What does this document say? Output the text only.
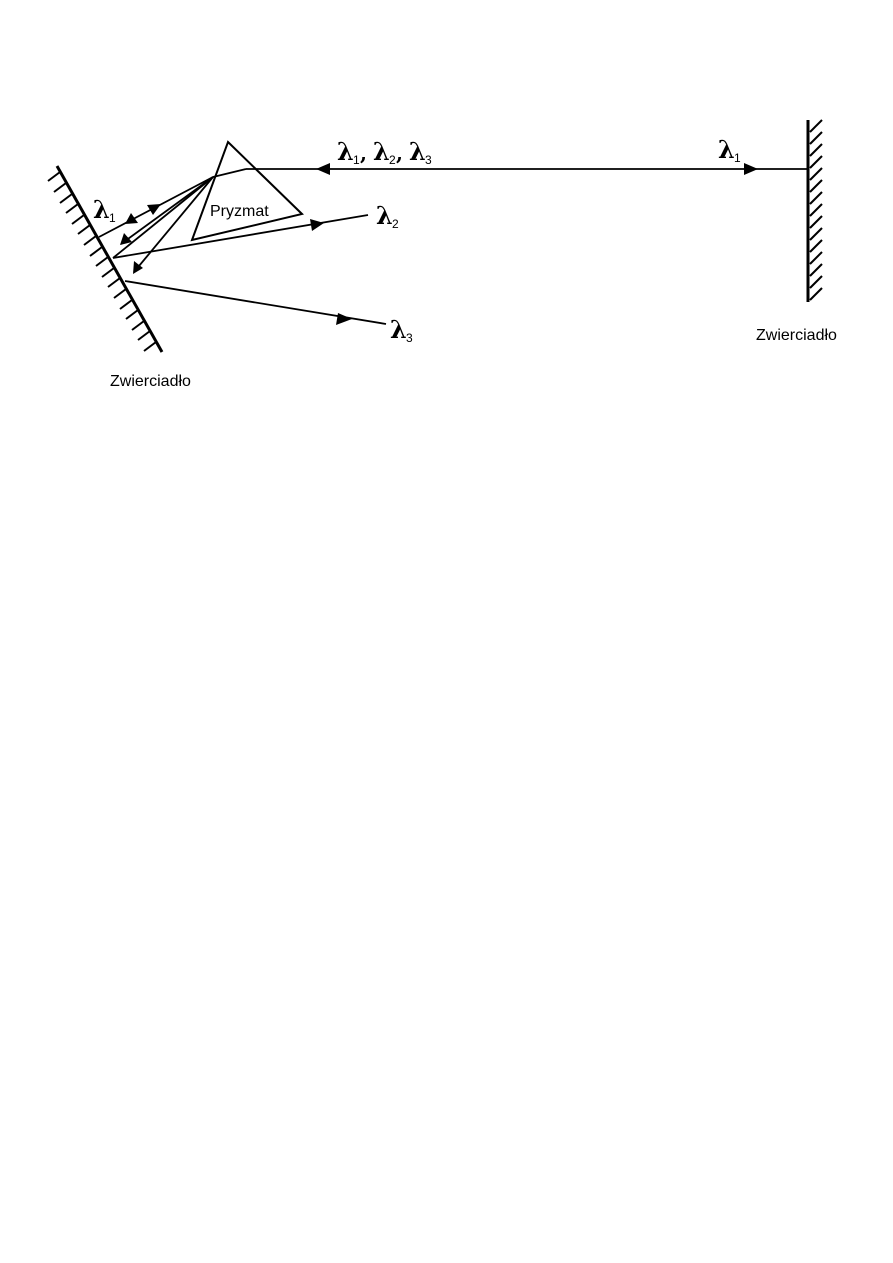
Pryzmat
Zwierciadło
Zwierciadło
λ 1 , λ 2 , λ 3	λ 1
λ 1	λ 2
λ 3
